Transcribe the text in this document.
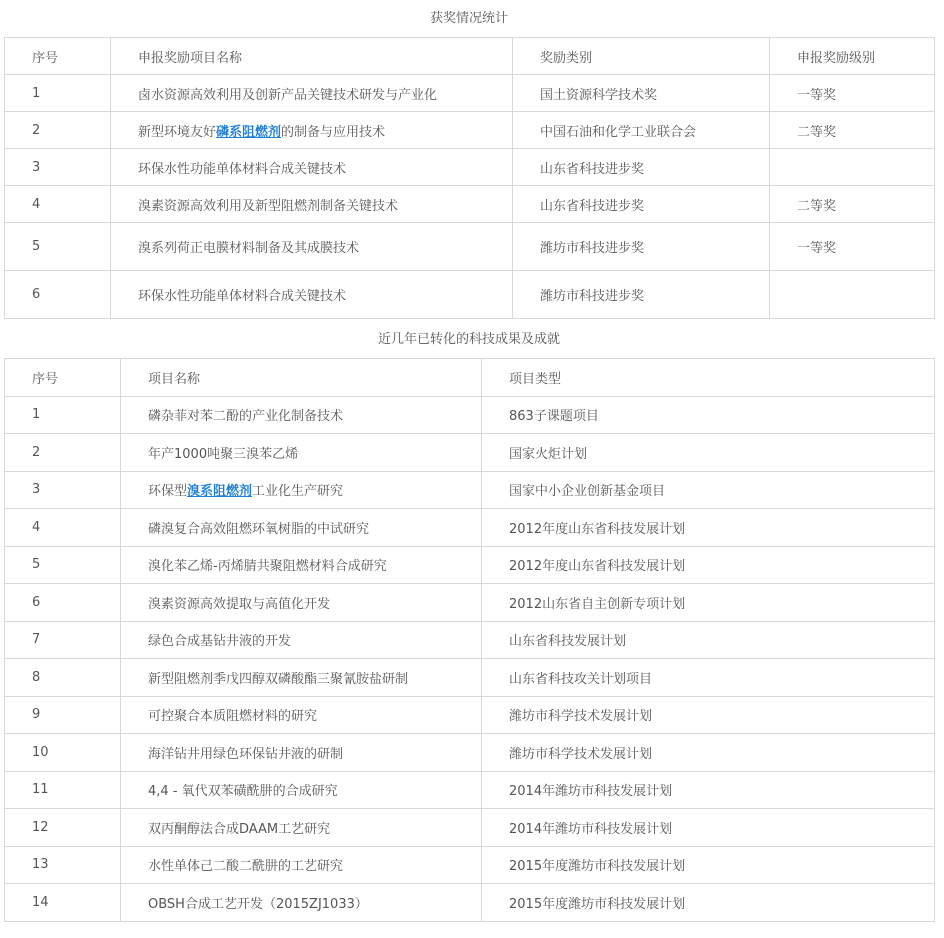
获奖情况统计
序号	申报奖励项目名称	奖励类别	申报奖励级别
1	卤水资源高效利用及创新产品关键技术研发与产业化	国土资源科学技术奖	一等奖
2	新型环境友好磷系阻燃剂的制备与应用技术	中国石油和化学工业联合会	二等奖
3	环保水性功能单体材料合成关键技术	山东省科技进步奖	
4	溴素资源高效利用及新型阻燃剂制备关键技术	山东省科技进步奖	二等奖
5	溴系列荷正电膜材料制备及其成膜技术	潍坊市科技进步奖	一等奖
6	环保水性功能单体材料合成关键技术	潍坊市科技进步奖	
近几年已转化的科技成果及成就
序号	项目名称	项目类型
1	磷杂菲对苯二酚的产业化制备技术	863子课题项目
2	年产1000吨聚三溴苯乙烯	国家火炬计划
3	环保型溴系阻燃剂工业化生产研究	国家中小企业创新基金项目
4	磷溴复合高效阻燃环氧树脂的中试研究	2012年度山东省科技发展计划
5	溴化苯乙烯-丙烯腈共聚阻燃材料合成研究	2012年度山东省科技发展计划
6	溴素资源高效提取与高值化开发	2012山东省自主创新专项计划
7	绿色合成基钻井液的开发	山东省科技发展计划
8	新型阻燃剂季戊四醇双磷酸酯三聚氰胺盐研制	山东省科技攻关计划项目
9	可控聚合本质阻燃材料的研究	潍坊市科学技术发展计划
10	海洋钻井用绿色环保钻井液的研制	潍坊市科学技术发展计划
11	4,4 - 氧代双苯磺酰肼的合成研究	2014年潍坊市科技发展计划
12	双丙酮醇法合成DAAM工艺研究	2014年潍坊市科技发展计划
13	水性单体己二酸二酰肼的工艺研究	2015年度潍坊市科技发展计划
14	OBSH合成工艺开发（2015ZJ1033）	2015年度潍坊市科技发展计划
